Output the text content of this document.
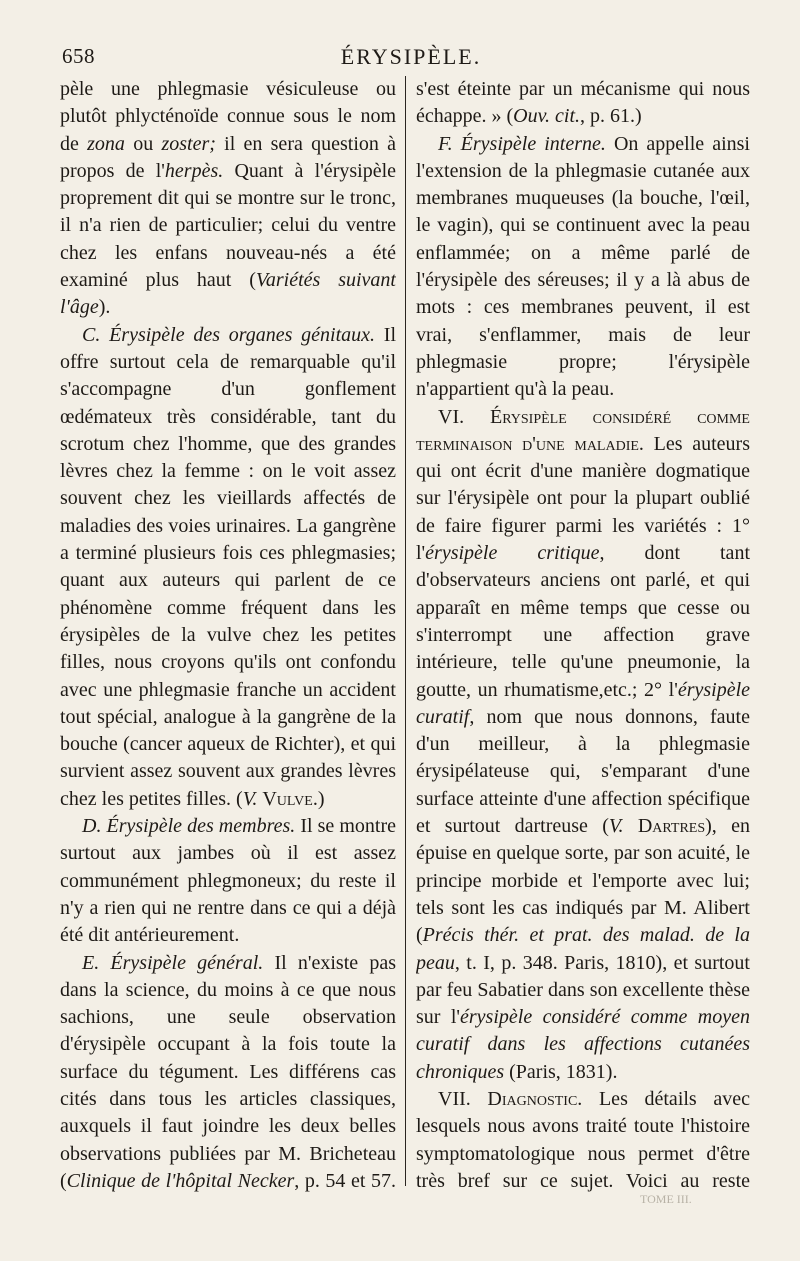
658	ÉRYSIPÈLE.

pèle une phlegmasie vésiculeuse ou plutôt phlycténoïde connue sous le nom de zona ou zoster; il en sera question à propos de l'herpès. Quant à l'érysipèle proprement dit qui se montre sur le tronc, il n'a rien de particulier; celui du ventre chez les enfans nouveau-nés a été examiné plus haut (Variétés suivant l'âge).

C. Érysipèle des organes génitaux. Il offre surtout cela de remarquable qu'il s'accompagne d'un gonflement œdémateux très considérable, tant du scrotum chez l'homme, que des grandes lèvres chez la femme : on le voit assez souvent chez les vieillards affectés de maladies des voies urinaires. La gangrène a terminé plusieurs fois ces phlegmasies; quant aux auteurs qui parlent de ce phénomène comme fréquent dans les érysipèles de la vulve chez les petites filles, nous croyons qu'ils ont confondu avec une phlegmasie franche un accident tout spécial, analogue à la gangrène de la bouche (cancer aqueux de Richter), et qui survient assez souvent aux grandes lèvres chez les petites filles. (V. Vulve.)

D. Érysipèle des membres. Il se montre surtout aux jambes où il est assez communément phlegmoneux; du reste il n'y a rien qui ne rentre dans ce qui a déjà été dit antérieurement.

E. Érysipèle général. Il n'existe pas dans la science, du moins à ce que nous sachions, une seule observation d'érysipèle occupant à la fois toute la surface du tégument. Les différens cas cités dans tous les articles classiques, auxquels il faut joindre les deux belles observations publiées par M. Bricheteau (Clinique de l'hôpital Necker, p. 54 et 57.

s'est éteinte par un mécanisme qui nous échappe. » (Ouv. cit., p. 61.)

F. Érysipèle interne. On appelle ainsi l'extension de la phlegmasie cutanée aux membranes muqueuses (la bouche, l'œil, le vagin), qui se continuent avec la peau enflammée; on a même parlé de l'érysipèle des séreuses; il y a là abus de mots : ces membranes peuvent, il est vrai, s'enflammer, mais de leur phlegmasie propre; l'érysipèle n'appartient qu'à la peau.

VI. Érysipèle considéré comme terminaison d'une maladie. Les auteurs qui ont écrit d'une manière dogmatique sur l'érysipèle ont pour la plupart oublié de faire figurer parmi les variétés : 1° l'érysipèle critique, dont tant d'observateurs anciens ont parlé, et qui apparaît en même temps que cesse ou s'interrompt une affection grave intérieure, telle qu'une pneumonie, la goutte, un rhumatisme,etc.; 2° l'érysipèle curatif, nom que nous donnons, faute d'un meilleur, à la phlegmasie érysipélateuse qui, s'emparant d'une surface atteinte d'une affection spécifique et surtout dartreuse (V. Dartres), en épuise en quelque sorte, par son acuité, le principe morbide et l'emporte avec lui; tels sont les cas indiqués par M. Alibert (Précis thér. et prat. des malad. de la peau, t. I, p. 348. Paris, 1810), et surtout par feu Sabatier dans son excellente thèse sur l'érysipèle considéré comme moyen curatif dans les affections cutanées chroniques (Paris, 1831).

VII. Diagnostic. Les détails avec lesquels nous avons traité toute l'histoire symptomatologique nous permet d'être très bref sur ce sujet. Voici au reste

TOME III.
